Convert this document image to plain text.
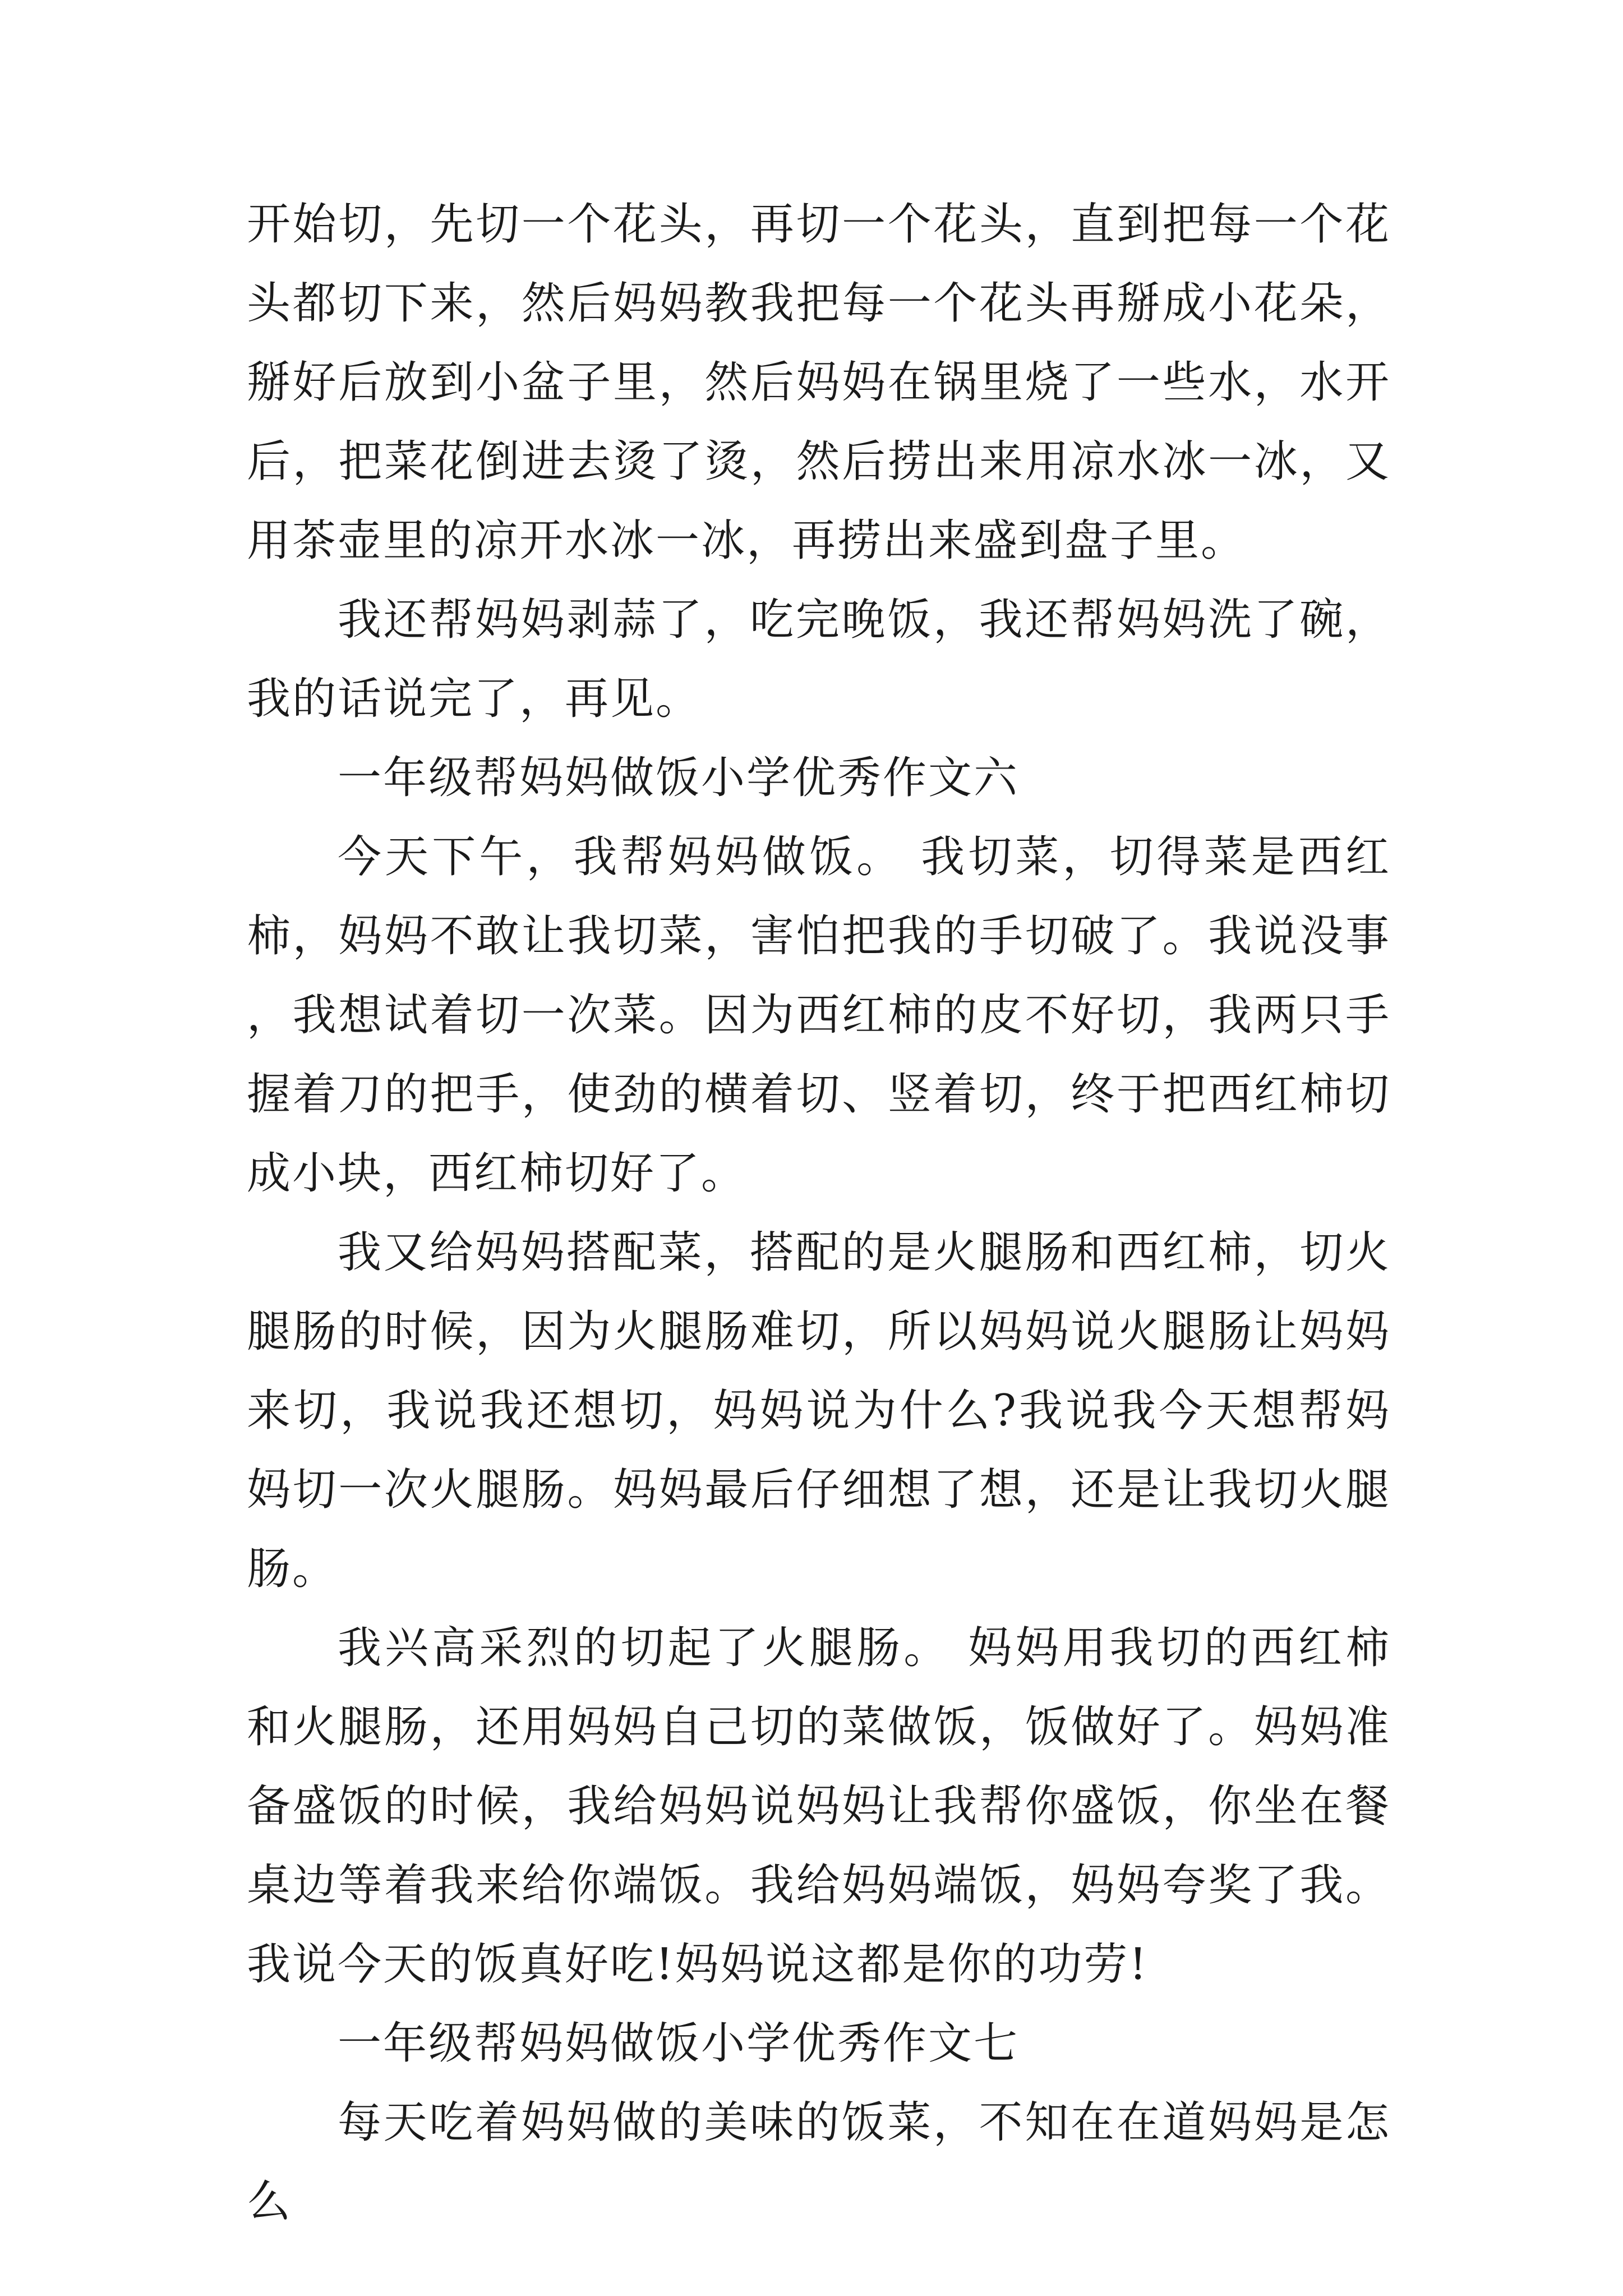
开始切，先切一个花头，再切一个花头，直到把每一个花头都切下来，然后妈妈教我把每一个花头再掰成小花朵，掰好后放到小盆子里，然后妈妈在锅里烧了一些水，水开后，把菜花倒进去烫了烫，然后捞出来用凉水冰一冰，又用茶壶里的凉开水冰一冰，再捞出来盛到盘子里。

我还帮妈妈剥蒜了，吃完晚饭，我还帮妈妈洗了碗，我的话说完了，再见。

一年级帮妈妈做饭小学优秀作文六

今天下午，我帮妈妈做饭。 我切菜，切得菜是西红柿，妈妈不敢让我切菜，害怕把我的手切破了。我说没事，我想试着切一次菜。因为西红柿的皮不好切，我两只手握着刀的把手，使劲的横着切、竖着切，终于把西红柿切成小块，西红柿切好了。

我又给妈妈搭配菜，搭配的是火腿肠和西红柿，切火腿肠的时候，因为火腿肠难切，所以妈妈说火腿肠让妈妈来切，我说我还想切，妈妈说为什么?我说我今天想帮妈妈切一次火腿肠。妈妈最后仔细想了想，还是让我切火腿肠。

我兴高采烈的切起了火腿肠。 妈妈用我切的西红柿和火腿肠，还用妈妈自己切的菜做饭，饭做好了。妈妈准备盛饭的时候，我给妈妈说妈妈让我帮你盛饭，你坐在餐桌边等着我来给你端饭。我给妈妈端饭，妈妈夸奖了我。我说今天的饭真好吃!妈妈说这都是你的功劳!

一年级帮妈妈做饭小学优秀作文七

每天吃着妈妈做的美味的饭菜，不知在在道妈妈是怎么
